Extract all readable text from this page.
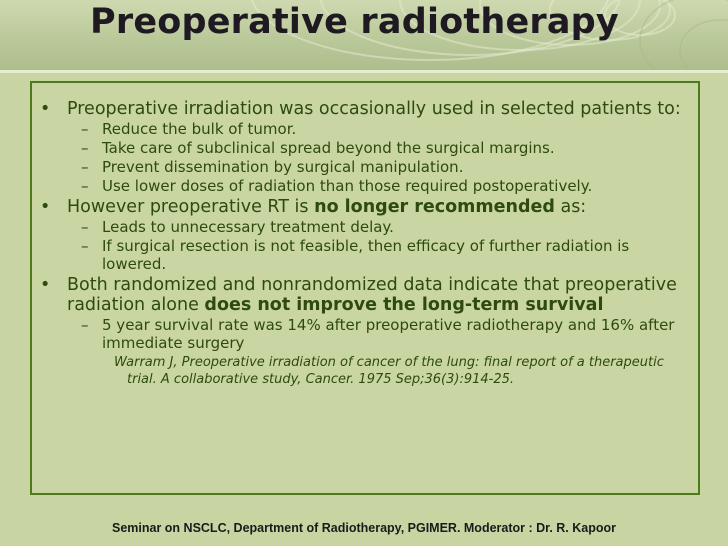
Preoperative radiotherapy
• Preoperative irradiation was occasionally used in selected patients to:
– Reduce the bulk of tumor.
– Take care of subclinical spread beyond the surgical margins.
– Prevent dissemination by surgical manipulation.
– Use lower doses of radiation than those required postoperatively.
• However preoperative RT is no longer recommended as:
– Leads to unnecessary treatment delay.
– If surgical resection is not feasible, then efficacy of further radiation is lowered.
• Both randomized and nonrandomized data indicate that preoperative radiation alone does not improve the long-term survival
– 5 year survival rate was 14% after preoperative radiotherapy and 16% after immediate surgery
Warram J, Preoperative irradiation of cancer of the lung: final report of a therapeutic trial. A collaborative study, Cancer. 1975 Sep;36(3):914-25.
Seminar on NSCLC, Department of Radiotherapy, PGIMER. Moderator : Dr. R. Kapoor
